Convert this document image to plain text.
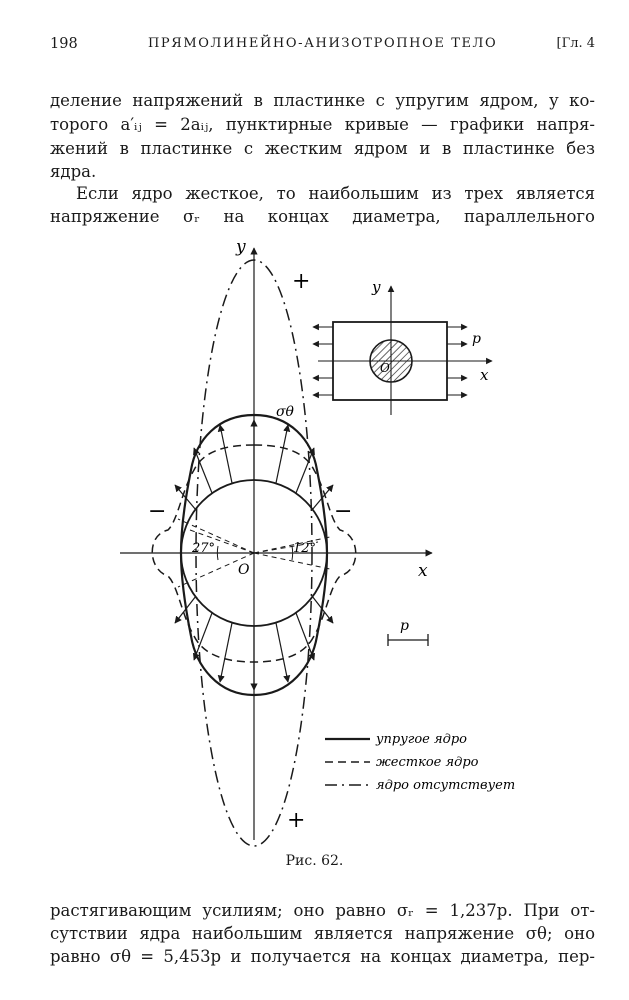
198	ПРЯМОЛИНЕЙНО-АНИЗОТРОПНОЕ ТЕЛО	[Гл. 4
деление напряжений в пластинке с упругим ядром, у ко-
торого a′ᵢⱼ = 2aᵢⱼ, пунктирные кривые — графики напря-
жений в пластинке с жестким ядром и в пластинке без
ядра.
Если ядро жесткое, то наибольшим из трех является
напряжение σᵣ на концах диаметра, параллельного
y
x
O
σθ
27°	12°
+
+
−	−
p
y
x
O
p
упругое ядро
жесткое ядро
ядро отсутствует
Рис. 62.
растягивающим усилиям; оно равно σᵣ = 1,237p. При от-
сутствии ядра наибольшим является напряжение σθ; оно
равно σθ = 5,453p и получается на концах диаметра, пер-
